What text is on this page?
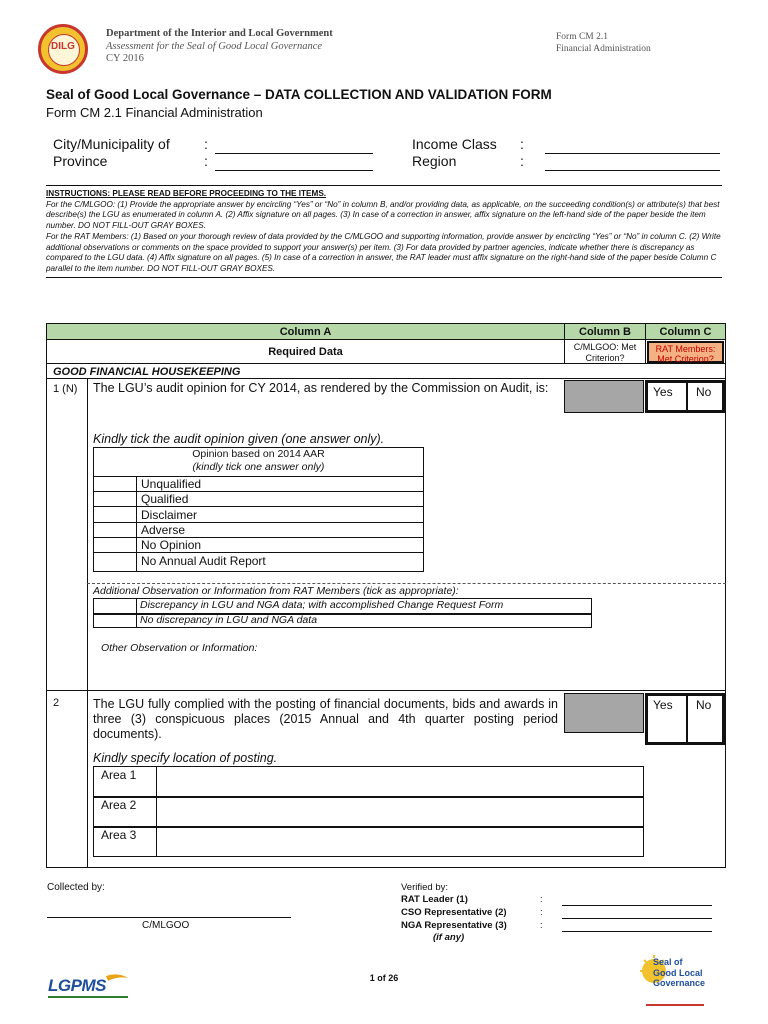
DILG
Department of the Interior and Local Government
Assessment for the Seal of Good Local Governance
CY 2016
Form CM 2.1
Financial Administration
Seal of Good Local Governance – DATA COLLECTION AND VALIDATION FORM
Form CM 2.1 Financial Administration
City/Municipality of :
Province	:
Income Class :
Region	:
INSTRUCTIONS: PLEASE READ BEFORE PROCEEDING TO THE ITEMS.
For the C/MLGOO: (1) Provide the appropriate answer by encircling “Yes” or “No” in column B, and/or providing data, as applicable, on the succeeding condition(s) or attribute(s) that best describe(s) the LGU as enumerated in column A. (2) Affix signature on all pages. (3) In case of a correction in answer, affix signature on the left-hand side of the paper beside the item number. DO NOT FILL-OUT GRAY BOXES.
For the RAT Members: (1) Based on your thorough review of data provided by the C/MLGOO and supporting information, provide answer by encircling “Yes” or “No” in column C. (2) Write additional observations or comments on the space provided to support your answer(s) per item. (3) For data provided by partner agencies, indicate whether there is discrepancy as compared to the LGU data. (4) Affix signature on all pages. (5) In case of a correction in answer, the RAT leader must affix signature on the right-hand side of the paper beside Column C parallel to the item number. DO NOT FILL-OUT GRAY BOXES.
Column A	Column B	Column C
Required Data	C/MLGOO: Met Criterion?
RAT Members: Met Criterion?
GOOD FINANCIAL HOUSEKEEPING
1 (N)	The LGU’s audit opinion for CY 2014, as rendered by the Commission on Audit, is:	Yes No
Kindly tick the audit opinion given (one answer only).
Opinion based on 2014 AAR
(kindly tick one answer only)
Unqualified
Qualified
Disclaimer
Adverse
No Opinion
No Annual Audit Report
Additional Observation or Information from RAT Members (tick as appropriate):
Discrepancy in LGU and NGA data; with accomplished Change Request Form
No discrepancy in LGU and NGA data
Other Observation or Information:
2	The LGU fully complied with the posting of financial documents, bids and awards in three (3) conspicuous places (2015 Annual and 4th quarter posting period documents).
Yes No
Kindly specify location of posting.
Area 1
Area 2
Area 3
Collected by:
C/MLGOO
Verified by:
RAT Leader (1)
CSO Representative (2)
NGA Representative (3)
(if any)
:
:
:
1 of 26
LGPMS
Seal of Good Local Governance
